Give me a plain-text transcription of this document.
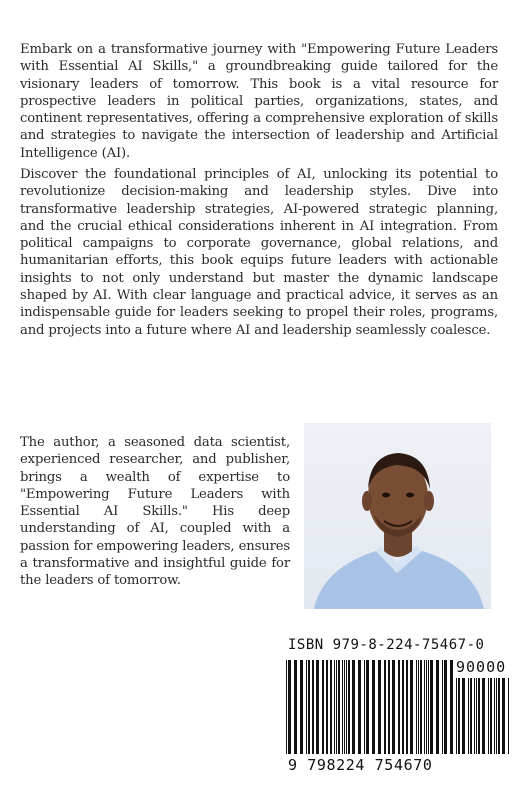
Embark on a transformative journey with "Empowering Future Leaders with Essential AI Skills," a groundbreaking guide tailored for the visionary leaders of tomorrow. This book is a vital resource for prospective leaders in political parties, organizations, states, and continent representatives, offering a comprehensive exploration of skills and strategies to navigate the intersection of leadership and Artificial Intelligence (AI).

Discover the foundational principles of AI, unlocking its potential to revolutionize decision-making and leadership styles. Dive into transformative leadership strategies, AI-powered strategic planning, and the crucial ethical considerations inherent in AI integration. From political campaigns to corporate governance, global relations, and humanitarian efforts, this book equips future leaders with actionable insights to not only understand but master the dynamic landscape shaped by AI. With clear language and practical advice, it serves as an indispensable guide for leaders seeking to propel their roles, programs, and projects into a future where AI and leadership seamlessly coalesce.

The author, a seasoned data scientist, experienced researcher, and publisher, brings a wealth of expertise to "Empowering Future Leaders with Essential AI Skills." His deep understanding of AI, coupled with a passion for empowering leaders, ensures a transformative and insightful guide for the leaders of tomorrow.

ISBN 979-8-224-75467-0
90000
9 798224 754670
